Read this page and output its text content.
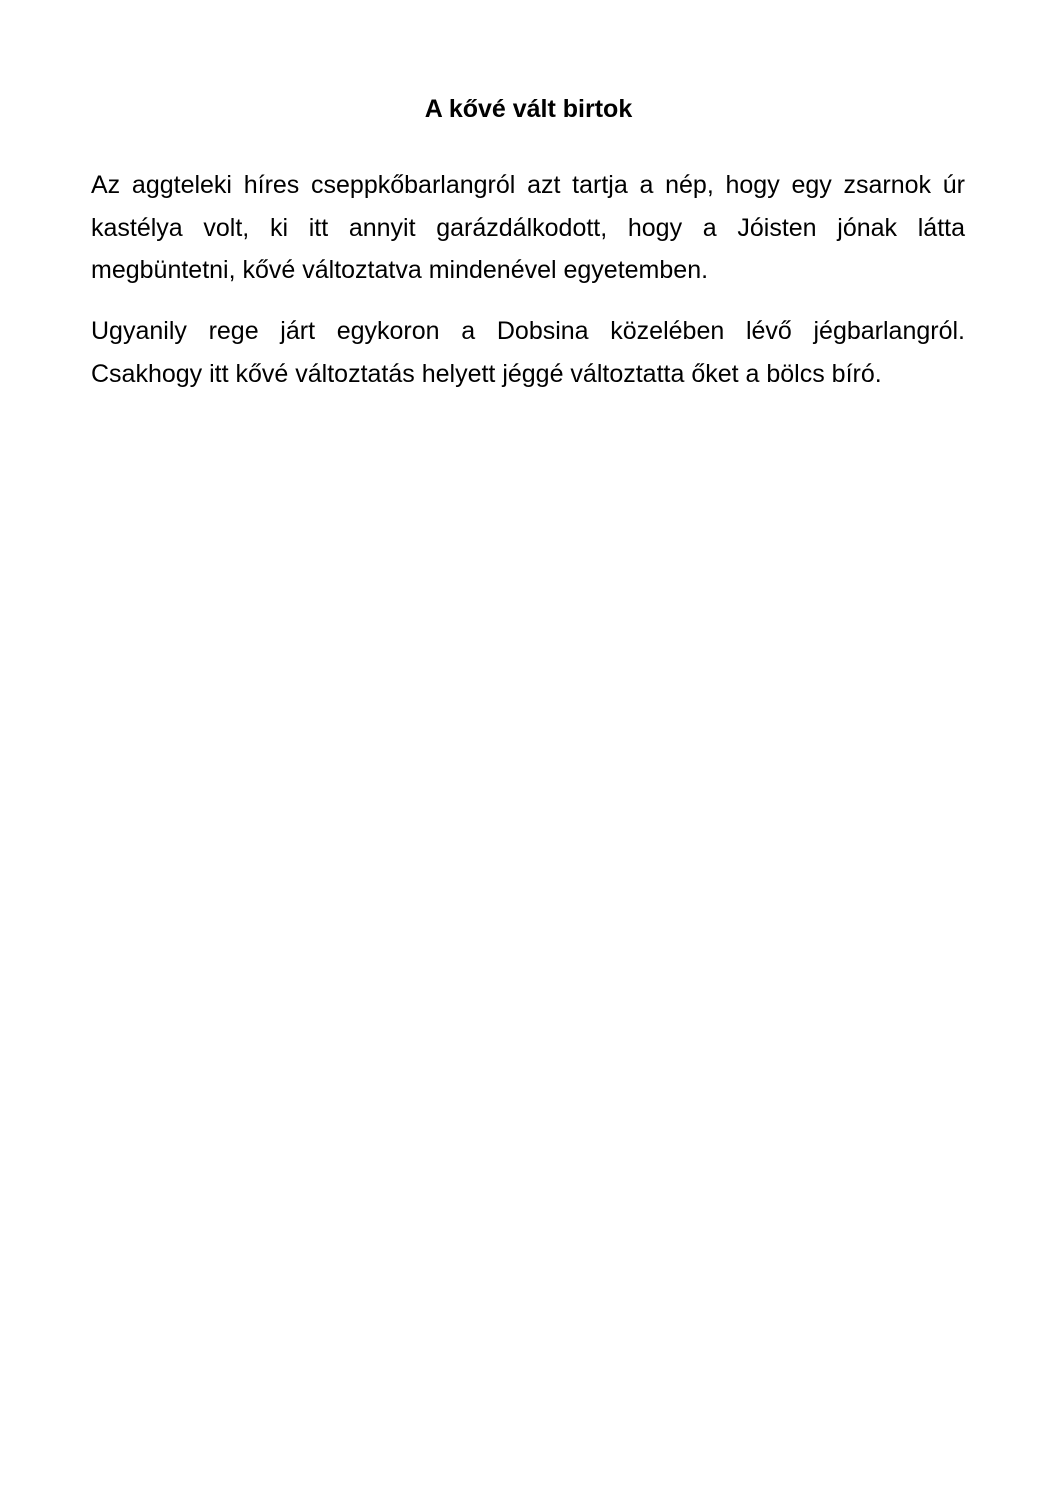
A kővé vált birtok

Az aggteleki híres cseppkőbarlangról azt tartja a nép, hogy egy zsarnok úr kastélya volt, ki itt annyit garázdálkodott, hogy a Jóisten jónak látta megbüntetni, kővé változtatva mindenével egyetemben.

Ugyanily rege járt egykoron a Dobsina közelében lévő jégbarlangról. Csakhogy itt kővé változtatás helyett jéggé változtatta őket a bölcs bíró.
